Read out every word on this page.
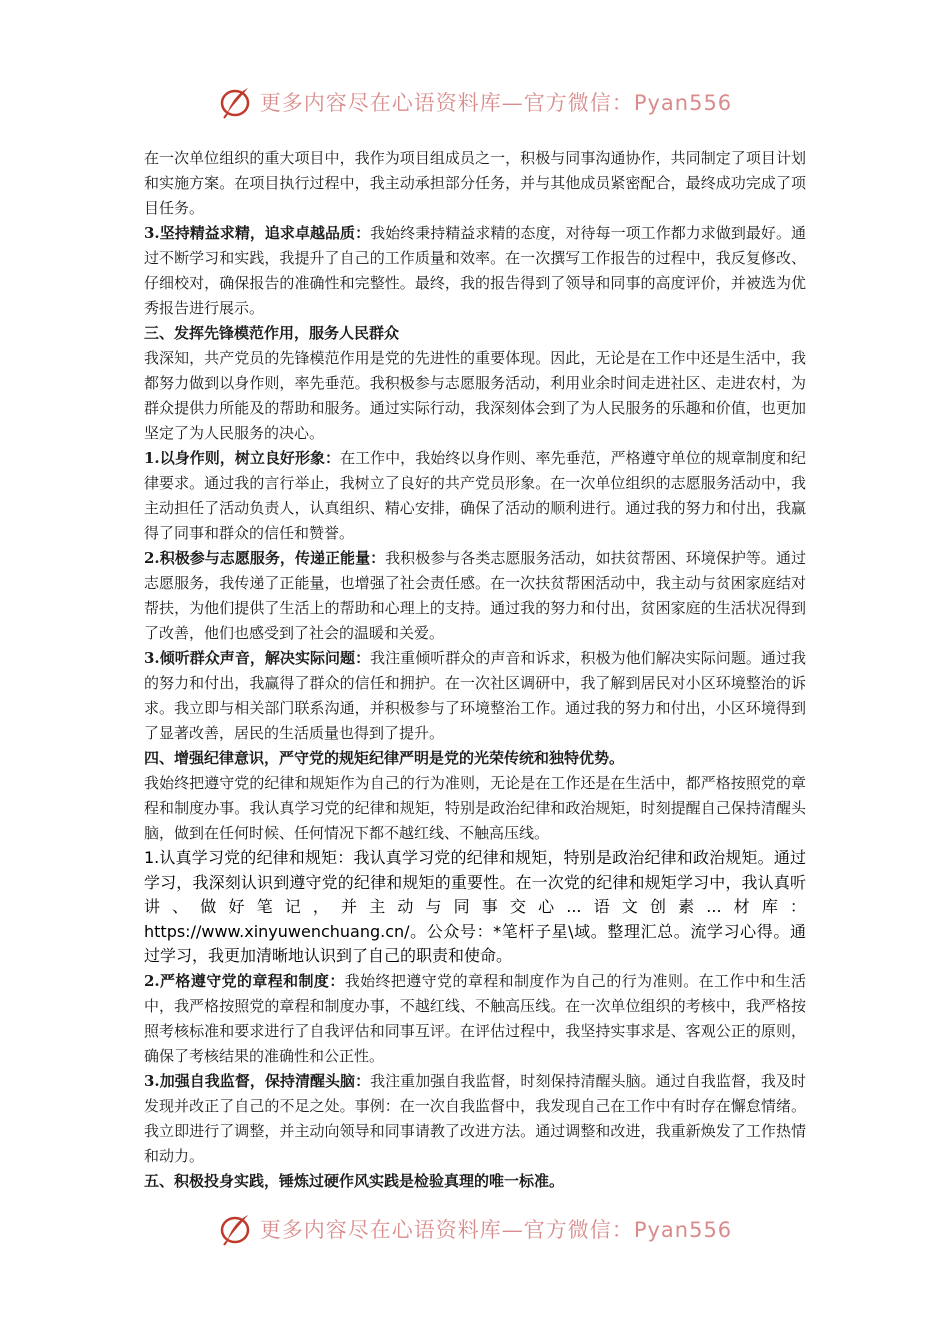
更多内容尽在心语资料库—官方微信：Pyan556

在一次单位组织的重大项目中，我作为项目组成员之一，积极与同事沟通协作，共同制定了项目计划和实施方案。在项目执行过程中，我主动承担部分任务，并与其他成员紧密配合，最终成功完成了项目任务。

3.坚持精益求精，追求卓越品质：我始终秉持精益求精的态度，对待每一项工作都力求做到最好。通过不断学习和实践，我提升了自己的工作质量和效率。在一次撰写工作报告的过程中，我反复修改、仔细校对，确保报告的准确性和完整性。最终，我的报告得到了领导和同事的高度评价，并被选为优秀报告进行展示。

三、发挥先锋模范作用，服务人民群众

我深知，共产党员的先锋模范作用是党的先进性的重要体现。因此，无论是在工作中还是生活中，我都努力做到以身作则，率先垂范。我积极参与志愿服务活动，利用业余时间走进社区、走进农村，为群众提供力所能及的帮助和服务。通过实际行动，我深刻体会到了为人民服务的乐趣和价值，也更加坚定了为人民服务的决心。

1.以身作则，树立良好形象：在工作中，我始终以身作则、率先垂范，严格遵守单位的规章制度和纪律要求。通过我的言行举止，我树立了良好的共产党员形象。在一次单位组织的志愿服务活动中，我主动担任了活动负责人，认真组织、精心安排，确保了活动的顺利进行。通过我的努力和付出，我赢得了同事和群众的信任和赞誉。

2.积极参与志愿服务，传递正能量：我积极参与各类志愿服务活动，如扶贫帮困、环境保护等。通过志愿服务，我传递了正能量，也增强了社会责任感。在一次扶贫帮困活动中，我主动与贫困家庭结对帮扶，为他们提供了生活上的帮助和心理上的支持。通过我的努力和付出，贫困家庭的生活状况得到了改善，他们也感受到了社会的温暖和关爱。

3.倾听群众声音，解决实际问题：我注重倾听群众的声音和诉求，积极为他们解决实际问题。通过我的努力和付出，我赢得了群众的信任和拥护。在一次社区调研中，我了解到居民对小区环境整治的诉求。我立即与相关部门联系沟通，并积极参与了环境整治工作。通过我的努力和付出，小区环境得到了显著改善，居民的生活质量也得到了提升。

四、增强纪律意识，严守党的规矩纪律严明是党的光荣传统和独特优势。

我始终把遵守党的纪律和规矩作为自己的行为准则，无论是在工作还是在生活中，都严格按照党的章程和制度办事。我认真学习党的纪律和规矩，特别是政治纪律和政治规矩，时刻提醒自己保持清醒头脑，做到在任何时候、任何情况下都不越红线、不触高压线。

1.认真学习党的纪律和规矩：我认真学习党的纪律和规矩，特别是政治纪律和政治规矩。通过学习，我深刻认识到遵守党的纪律和规矩的重要性。在一次党的纪律和规矩学习中，我认真听讲、做好笔记，并主动与同事交心...语文创素...材库：https://www.xinyuwenchuang.cn/。公众号：*笔杆子星\域。整理汇总。流学习心得。通过学习，我更加清晰地认识到了自己的职责和使命。

2.严格遵守党的章程和制度：我始终把遵守党的章程和制度作为自己的行为准则。在工作中和生活中，我严格按照党的章程和制度办事，不越红线、不触高压线。在一次单位组织的考核中，我严格按照考核标准和要求进行了自我评估和同事互评。在评估过程中，我坚持实事求是、客观公正的原则，确保了考核结果的准确性和公正性。

3.加强自我监督，保持清醒头脑：我注重加强自我监督，时刻保持清醒头脑。通过自我监督，我及时发现并改正了自己的不足之处。事例：在一次自我监督中，我发现自己在工作中有时存在懈怠情绪。我立即进行了调整，并主动向领导和同事请教了改进方法。通过调整和改进，我重新焕发了工作热情和动力。

五、积极投身实践，锤炼过硬作风实践是检验真理的唯一标准。

更多内容尽在心语资料库—官方微信：Pyan556
